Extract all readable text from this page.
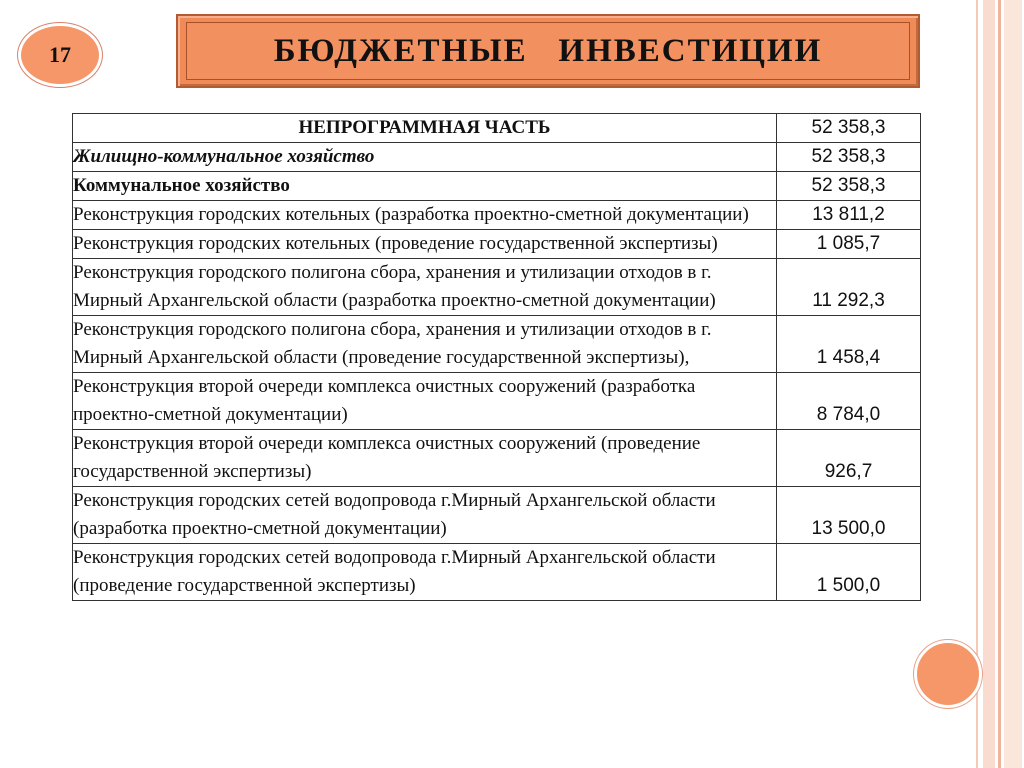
17	БЮДЖЕТНЫЕ   ИНВЕСТИЦИИ
НЕПРОГРАММНАЯ ЧАСТЬ	52 358,3
Жилищно-коммунальное хозяйство	52 358,3
Коммунальное хозяйство	52 358,3
Реконструкция городских котельных (разработка проектно-сметной документации)	13 811,2
Реконструкция городских котельных (проведение государственной экспертизы)	1 085,7
Реконструкция городского полигона сбора, хранения и утилизации отходов в г. Мирный Архангельской области (разработка проектно-сметной документации)	11 292,3
Реконструкция городского полигона сбора, хранения и утилизации отходов в г. Мирный Архангельской области (проведение государственной экспертизы),	1 458,4
Реконструкция второй очереди комплекса очистных сооружений (разработка проектно-сметной документации)	8 784,0
Реконструкция второй очереди комплекса очистных сооружений (проведение государственной экспертизы)	926,7
Реконструкция городских сетей водопровода г.Мирный Архангельской области (разработка проектно-сметной документации)	13 500,0
Реконструкция городских сетей водопровода г.Мирный Архангельской области (проведение государственной экспертизы)	1 500,0
